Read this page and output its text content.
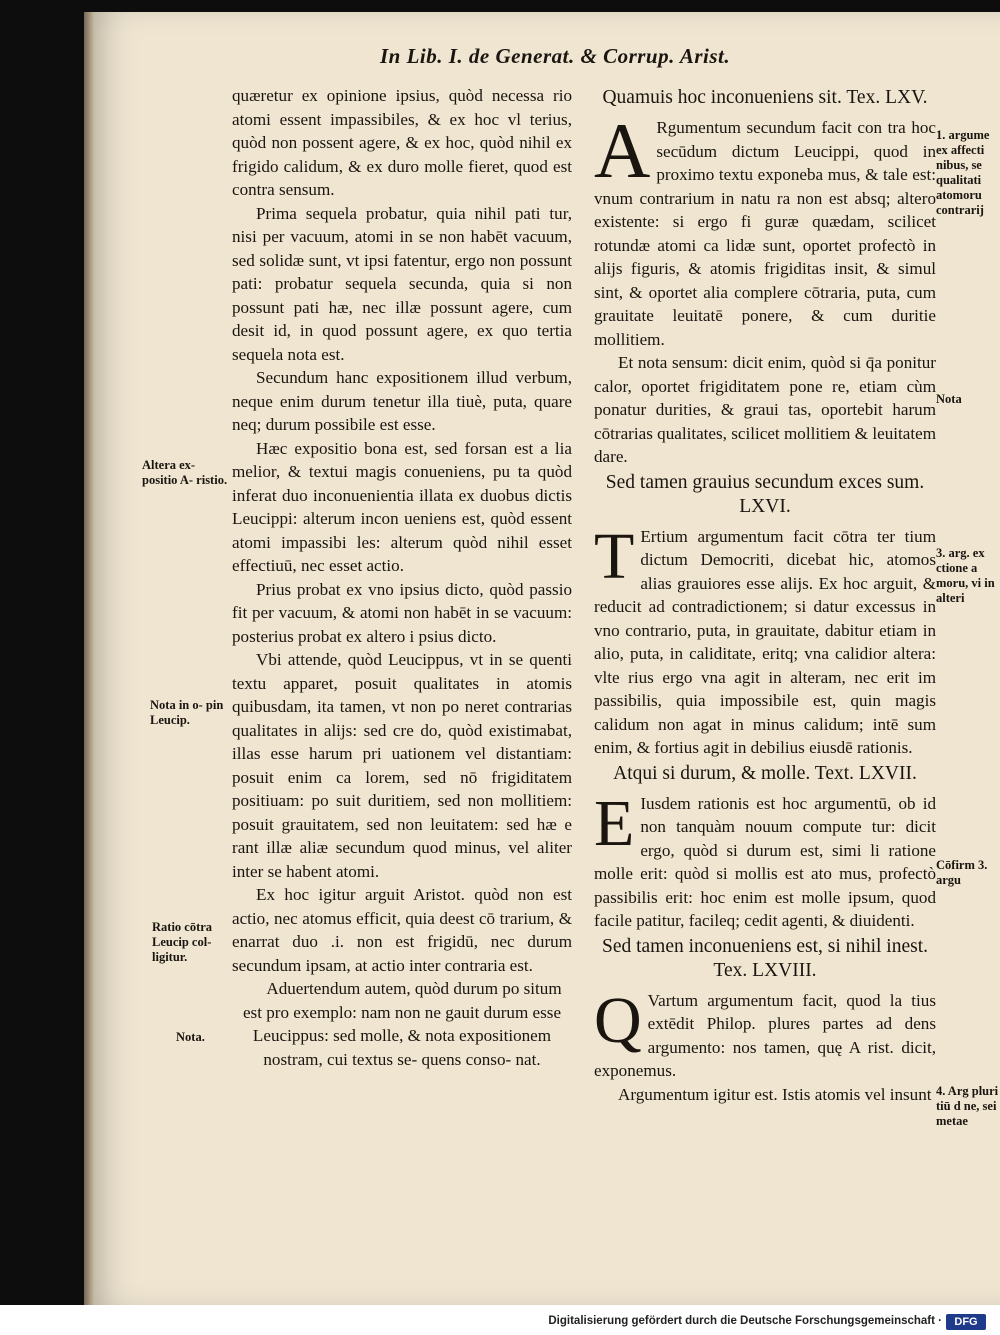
In Lib. I. de Generat. & Corrup. Arist.

quæretur ex opinione ipsius, quòd necessa rio atomi essent impassibiles, & ex hoc vl terius, quòd non possent agere, & ex hoc, quòd nihil ex frigido calidum, & ex duro molle fieret, quod est contra sensum.

Prima sequela probatur, quia nihil pati tur, nisi per vacuum, atomi in se non habēt vacuum, sed solidæ sunt, vt ipsi fatentur, ergo non possunt pati: probatur sequela secunda, quia si non possunt pati hæ, nec illæ possunt agere, cum desit id, in quod possunt agere, ex quo tertia sequela nota est.

Secundum hanc expositionem illud verbum, neque enim durum tenetur illa tiuè, puta, quare neq; durum possibile est esse.

Hæc expositio bona est, sed forsan est a lia melior, & textui magis conueniens, pu ta quòd inferat duo inconuenientia illata ex duobus dictis Leucippi: alterum incon ueniens est, quòd essent atomi impassibi les: alterum quòd nihil esset effectiuū, nec esset actio.

Prius probat ex vno ipsius dicto, quòd passio fit per vacuum, & atomi non habēt in se vacuum: posterius probat ex altero i psius dicto.

Vbi attende, quòd Leucippus, vt in se quenti textu apparet, posuit qualitates in atomis quibusdam, ita tamen, vt non po neret contrarias qualitates in alijs: sed cre do, quòd existimabat, illas esse harum pri uationem vel distantiam: posuit enim ca lorem, sed nō frigiditatem positiuam: po suit duritiem, sed non mollitiem: posuit grauitatem, sed non leuitatem: sed hæ e rant illæ aliæ secundum quod minus, vel aliter inter se habent atomi.

Ex hoc igitur arguit Aristot. quòd non est actio, nec atomus efficit, quia deest cō trarium, & enarrat duo .i. non est frigidū, nec durum secundum ipsam, at actio inter contraria est.

Aduertendum autem, quòd durum po situm est pro exemplo: nam non ne gauit durum esse Leucippus: sed molle, & nota expositionem nostram, cui textus se- quens conso- nat.

Quamuis hoc inconueniens sit. Tex. LXV.

A Rgumentum secundum facit con tra hoc secūdum dictum Leucippi, quod in proximo textu exponeba mus, & tale est: vnum contrarium in natu ra non est absq; altero existente: si ergo fi guræ quædam, scilicet rotundæ atomi ca lidæ sunt, oportet profectò in alijs figuris, & atomis frigiditas insit, & simul sint, & oportet alia complere cōtraria, puta, cum grauitate leuitatē ponere, & cum duritie mollitiem.

Et nota sensum: dicit enim, quòd si q̄a ponitur calor, oportet frigiditatem pone re, etiam cùm ponatur durities, & graui tas, oportebit harum cōtrarias qualitates, scilicet mollitiem & leuitatem dare.

Sed tamen grauius secundum exces sum. LXVI.

T Ertium argumentum facit cōtra ter tium dictum Democriti, dicebat hic, atomos alias grauiores esse alijs. Ex hoc arguit, & reducit ad contradictionem; si datur excessus in vno contrario, puta, in grauitate, dabitur etiam in alio, puta, in caliditate, eritq; vna calidior altera: vlte rius ergo vna agit in alteram, nec erit im passibilis, quia impossibile est, quin magis calidum non agat in minus calidum; intē sum enim, & fortius agit in debilius eiusdē rationis.

Atqui si durum, & molle. Text. LXVII.

E Iusdem rationis est hoc argumentū, ob id non tanquàm nouum compute tur: dicit ergo, quòd si durum est, simi li ratione molle erit: quòd si mollis est ato mus, profectò passibilis erit: hoc enim est molle ipsum, quod facile patitur, facileq; cedit agenti, & diuidenti.

Sed tamen inconueniens est, si nihil inest. Tex. LXVIII.

Q Vartum argumentum facit, quod la tius extēdit Philop. plures partes ad dens argumento: nos tamen, quę A rist. dicit, exponemus.

Argumentum igitur est. Istis atomis vel insunt

Altera ex- positio A- ristio.
Nota in o- pin Leucip.
Ratio cōtra Leucip col- ligitur.
Nota.
1. argume ex affecti nibus, se qualitati atomoru contrarij
Nota
3. arg. ex ctione a moru, vi in alteri
Cōfirm 3. argu
4. Arg pluri tiū d ne, sei metae
Digitalisierung gefördert durch die Deutsche Forschungsgemeinschaft ·	DFG
